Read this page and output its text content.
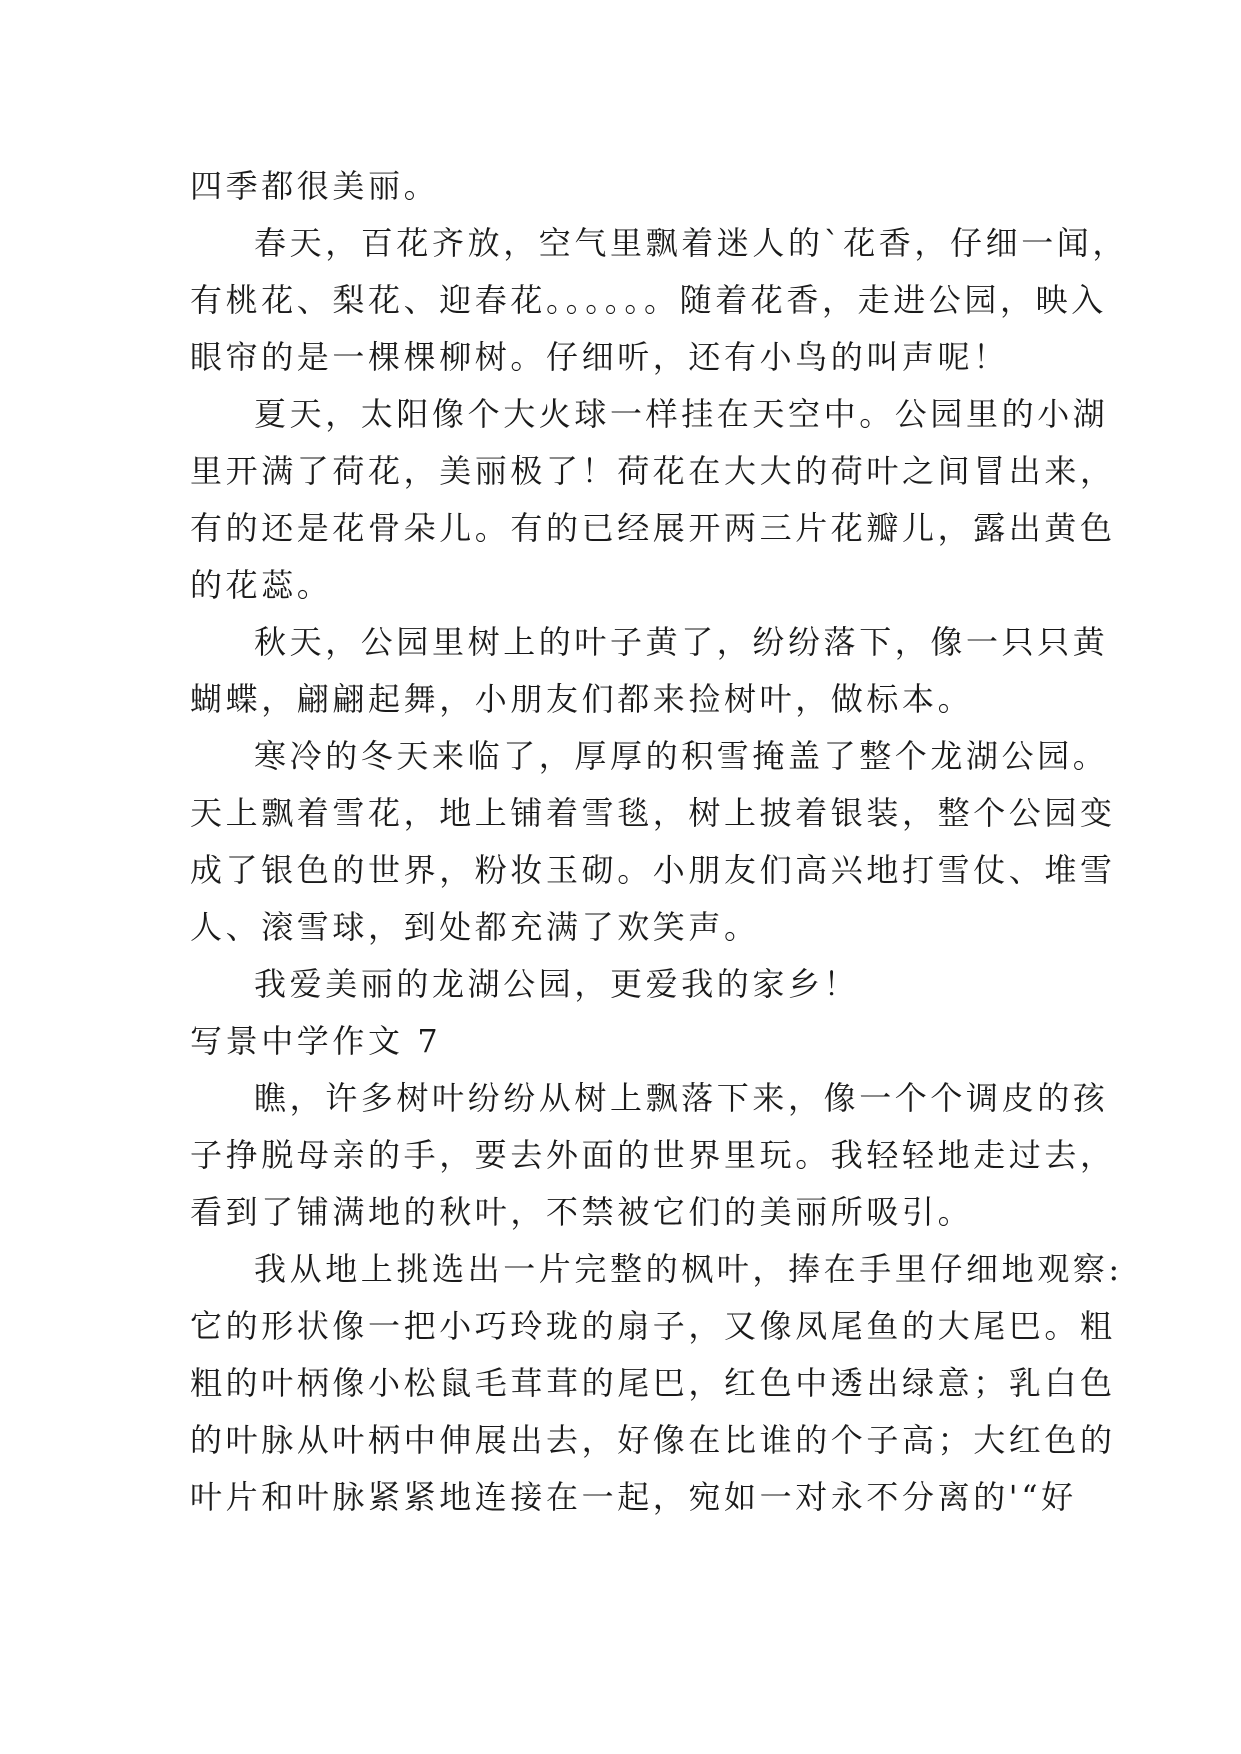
四季都很美丽。
春天，百花齐放，空气里飘着迷人的`花香，仔细一闻，
有桃花、梨花、迎春花。。。。。。随着花香，走进公园，映入
眼帘的是一棵棵柳树。仔细听，还有小鸟的叫声呢！
夏天，太阳像个大火球一样挂在天空中。公园里的小湖
里开满了荷花，美丽极了！荷花在大大的荷叶之间冒出来，
有的还是花骨朵儿。有的已经展开两三片花瓣儿，露出黄色
的花蕊。
秋天，公园里树上的叶子黄了，纷纷落下，像一只只黄
蝴蝶，翩翩起舞，小朋友们都来捡树叶，做标本。
寒冷的冬天来临了，厚厚的积雪掩盖了整个龙湖公园。
天上飘着雪花，地上铺着雪毯，树上披着银装，整个公园变
成了银色的世界，粉妆玉砌。小朋友们高兴地打雪仗、堆雪
人、滚雪球，到处都充满了欢笑声。
我爱美丽的龙湖公园，更爱我的家乡！
写景中学作文 7
瞧，许多树叶纷纷从树上飘落下来，像一个个调皮的孩
子挣脱母亲的手，要去外面的世界里玩。我轻轻地走过去，
看到了铺满地的秋叶，不禁被它们的美丽所吸引。
我从地上挑选出一片完整的枫叶，捧在手里仔细地观察:
它的形状像一把小巧玲珑的扇子，又像凤尾鱼的大尾巴。粗
粗的叶柄像小松鼠毛茸茸的尾巴，红色中透出绿意；乳白色
的叶脉从叶柄中伸展出去，好像在比谁的个子高；大红色的
叶片和叶脉紧紧地连接在一起，宛如一对永不分离的'“好
